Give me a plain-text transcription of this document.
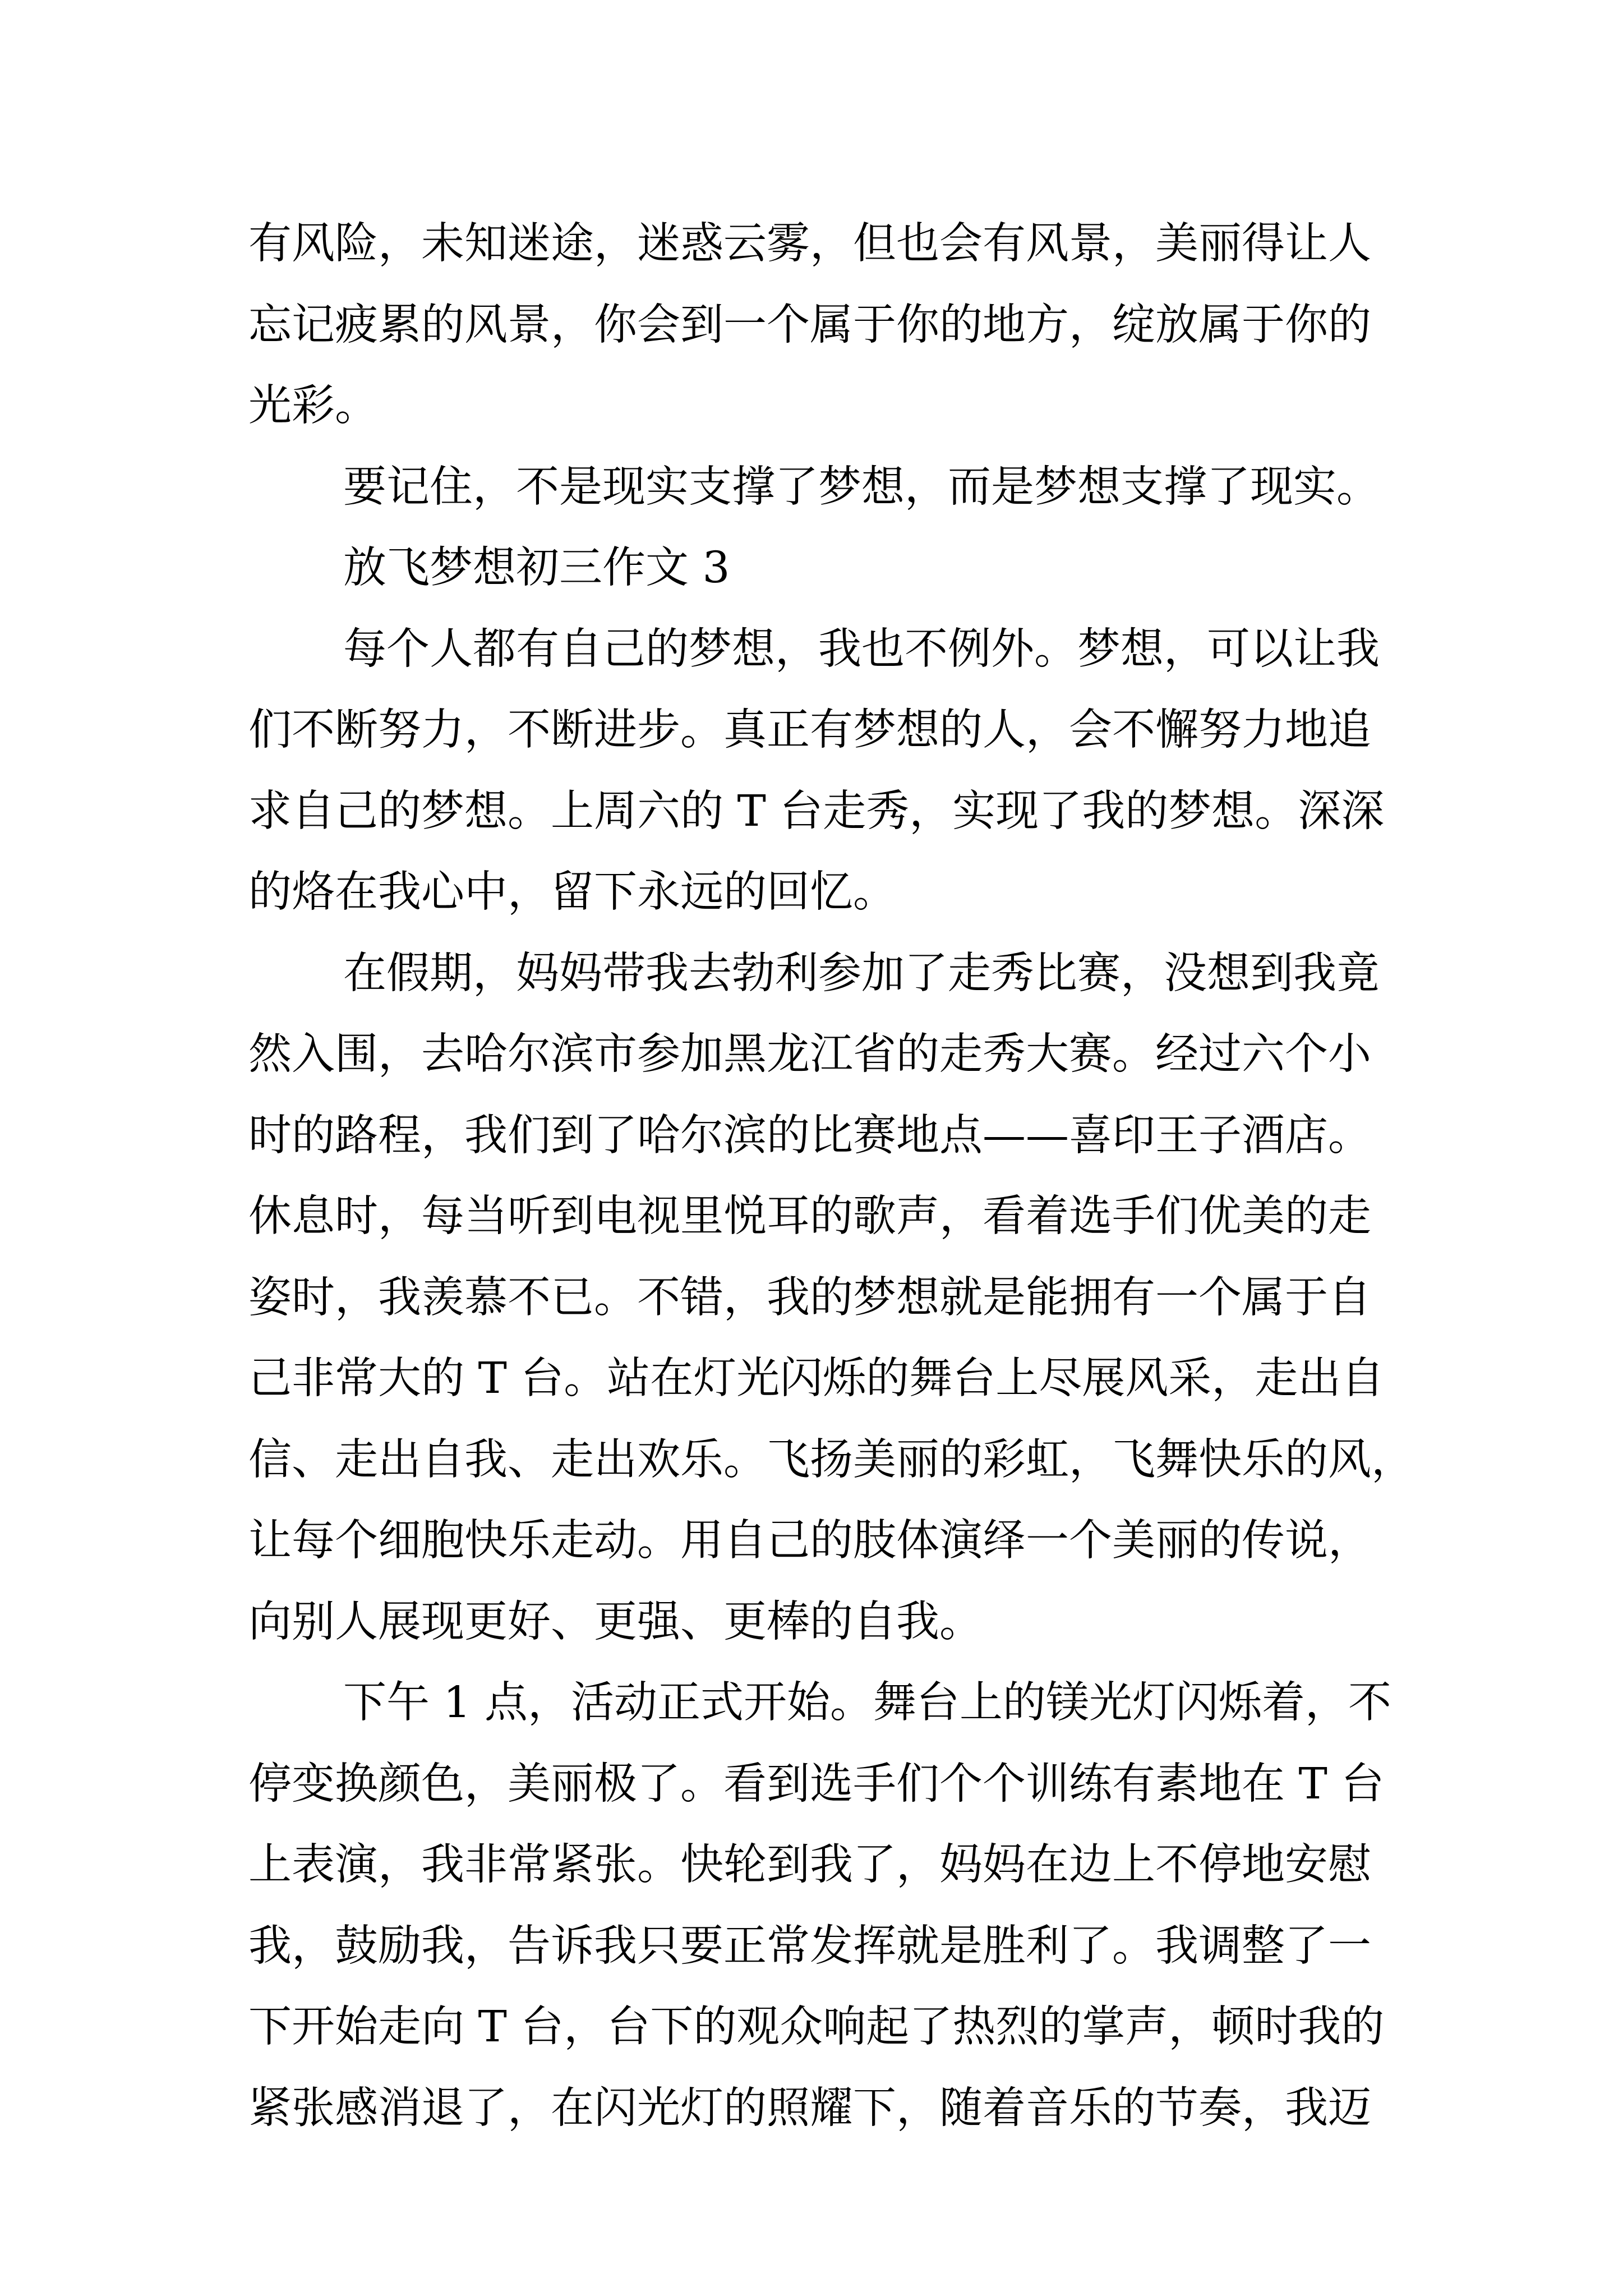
有风险，未知迷途，迷惑云雾，但也会有风景，美丽得让人
忘记疲累的风景，你会到一个属于你的地方，绽放属于你的
光彩。
要记住，不是现实支撑了梦想，而是梦想支撑了现实。
放飞梦想初三作文 3
每个人都有自己的梦想，我也不例外。梦想，可以让我
们不断努力，不断进步。真正有梦想的人，会不懈努力地追
求自己的梦想。上周六的 T 台走秀，实现了我的梦想。深深
的烙在我心中，留下永远的回忆。
在假期，妈妈带我去勃利参加了走秀比赛，没想到我竟
然入围，去哈尔滨市参加黑龙江省的走秀大赛。经过六个小
时的路程，我们到了哈尔滨的比赛地点——喜印王子酒店。
休息时，每当听到电视里悦耳的歌声，看着选手们优美的走
姿时，我羡慕不已。不错，我的梦想就是能拥有一个属于自
己非常大的 T 台。站在灯光闪烁的舞台上尽展风采，走出自
信、走出自我、走出欢乐。飞扬美丽的彩虹，飞舞快乐的风，
让每个细胞快乐走动。用自己的肢体演绎一个美丽的传说，
向别人展现更好、更强、更棒的自我。
下午 1 点，活动正式开始。舞台上的镁光灯闪烁着，不
停变换颜色，美丽极了。看到选手们个个训练有素地在 T 台
上表演，我非常紧张。快轮到我了，妈妈在边上不停地安慰
我，鼓励我，告诉我只要正常发挥就是胜利了。我调整了一
下开始走向 T 台，台下的观众响起了热烈的掌声，顿时我的
紧张感消退了，在闪光灯的照耀下，随着音乐的节奏，我迈
